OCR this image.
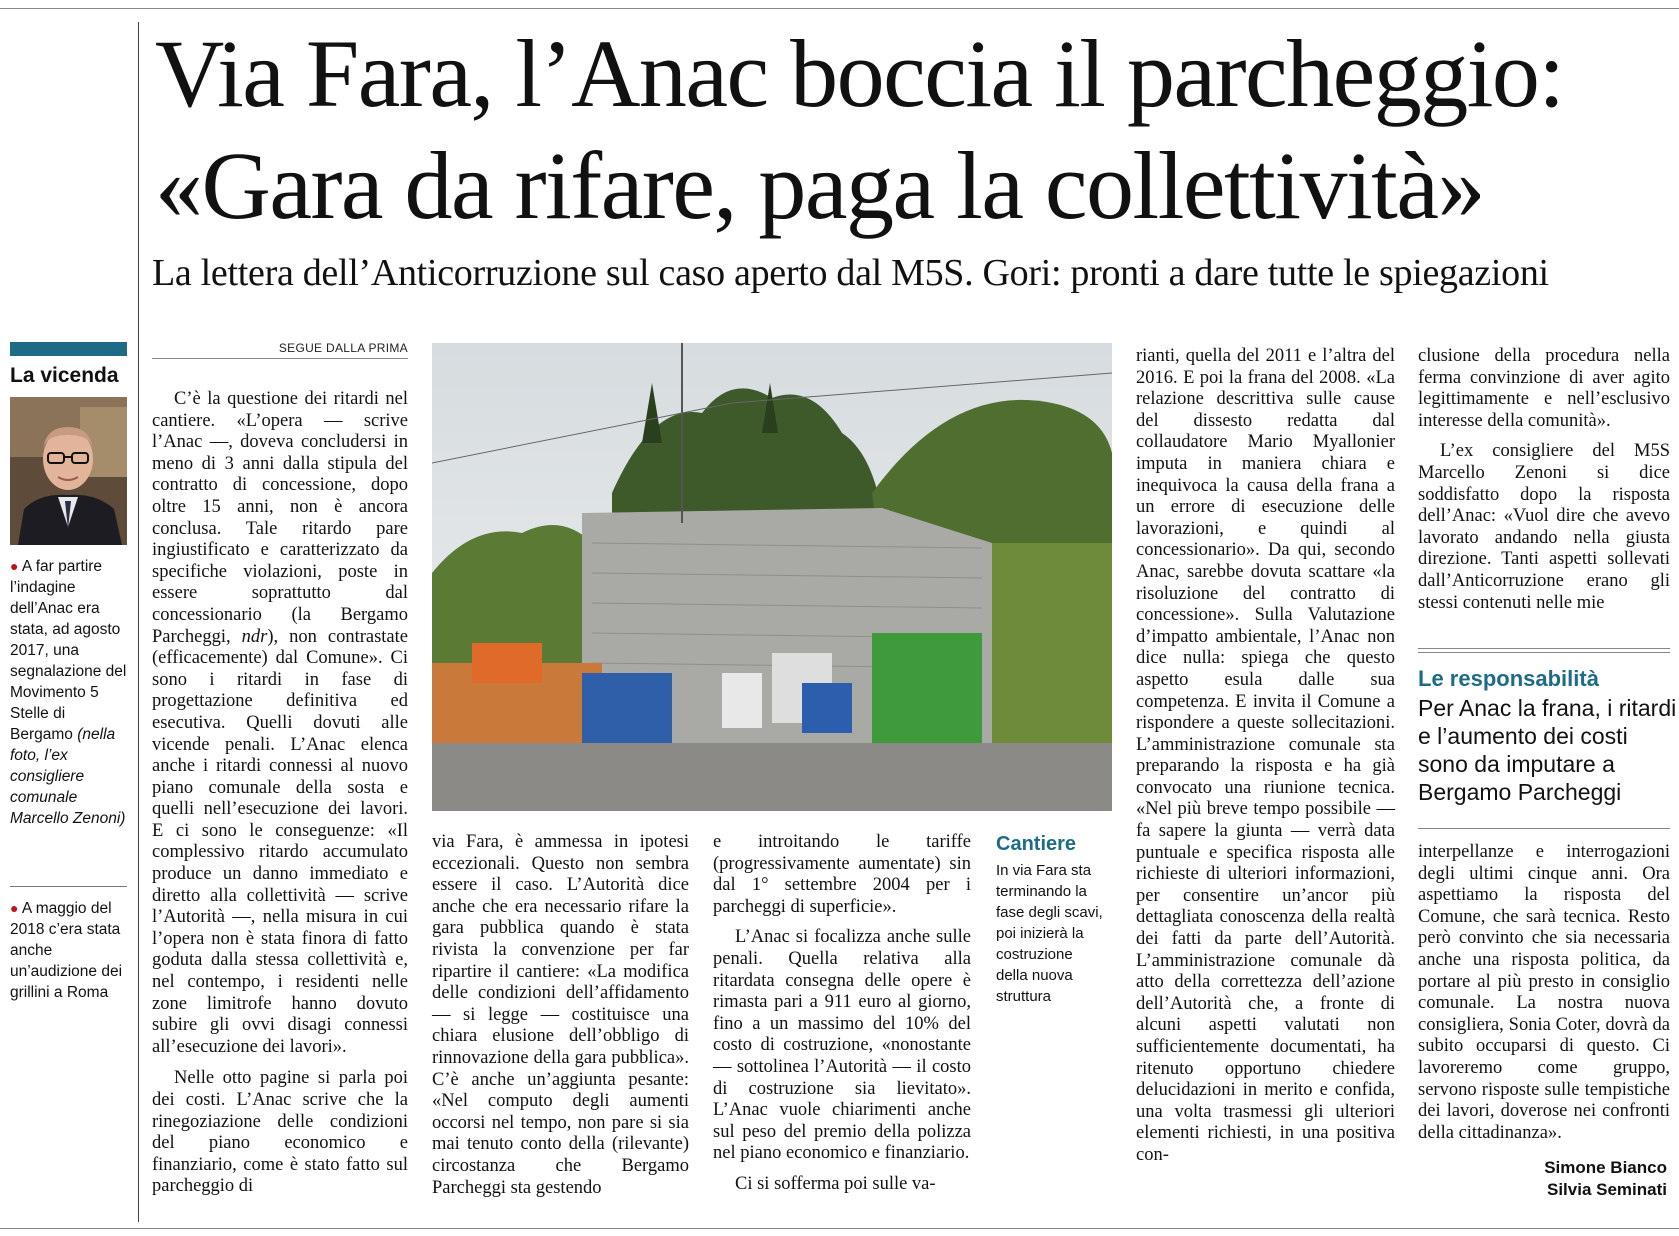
Via Fara, l’Anac boccia il parcheggio:
«Gara da rifare, paga la collettività»
La lettera dell’Anticorruzione sul caso aperto dal M5S. Gori: pronti a dare tutte le spiegazioni
La vicenda
● A far partire l’indagine dell’Anac era stata, ad agosto 2017, una segnalazione del Movimento 5 Stelle di Bergamo (nella foto, l’ex consigliere comunale Marcello Zenoni)
● A maggio del 2018 c’era stata anche un’audizione dei grillini a Roma
SEGUE DALLA PRIMA

C’è la questione dei ritardi nel cantiere. «L’opera — scrive l’Anac —, doveva concludersi in meno di 3 anni dalla stipula del contratto di concessione, dopo oltre 15 anni, non è ancora conclusa. Tale ritardo pare ingiustificato e caratterizzato da specifiche violazioni, poste in essere soprattutto dal concessionario (la Bergamo Parcheggi, ndr), non contrastate (efficacemente) dal Comune». Ci sono i ritardi in fase di progettazione definitiva ed esecutiva. Quelli dovuti alle vicende penali. L’Anac elenca anche i ritardi connessi al nuovo piano comunale della sosta e quelli nell’esecuzione dei lavori. E ci sono le conseguenze: «Il complessivo ritardo accumulato produce un danno immediato e diretto alla collettività — scrive l’Autorità —, nella misura in cui l’opera non è stata finora di fatto goduta dalla stessa collettività e, nel contempo, i residenti nelle zone limitrofe hanno dovuto subire gli ovvi disagi connessi all’esecuzione dei lavori».

Nelle otto pagine si parla poi dei costi. L’Anac scrive che la rinegoziazione delle condizioni del piano economico e finanziario, come è stato fatto sul parcheggio di

via Fara, è ammessa in ipotesi eccezionali. Questo non sembra essere il caso. L’Autorità dice anche che era necessario rifare la gara pubblica quando è stata rivista la convenzione per far ripartire il cantiere: «La modifica delle condizioni dell’affidamento — si legge — costituisce una chiara elusione dell’obbligo di rinnovazione della gara pubblica». C’è anche un’aggiunta pesante: «Nel computo degli aumenti occorsi nel tempo, non pare si sia mai tenuto conto della (rilevante) circostanza che Bergamo Parcheggi sta gestendo

e introitando le tariffe (progressivamente aumentate) sin dal 1° settembre 2004 per i parcheggi di superficie».

L’Anac si focalizza anche sulle penali. Quella relativa alla ritardata consegna delle opere è rimasta pari a 911 euro al giorno, fino a un massimo del 10% del costo di costruzione, «nonostante — sottolinea l’Autorità — il costo di costruzione sia lievitato». L’Anac vuole chiarimenti anche sul peso del premio della polizza nel piano economico e finanziario.

Ci si sofferma poi sulle va-

Cantiere
In via Fara sta terminando la fase degli scavi, poi inizierà la costruzione della nuova struttura

rianti, quella del 2011 e l’altra del 2016. E poi la frana del 2008. «La relazione descrittiva sulle cause del dissesto redatta dal collaudatore Mario Myallonier imputa in maniera chiara e inequivoca la causa della frana a un errore di esecuzione delle lavorazioni, e quindi al concessionario». Da qui, secondo Anac, sarebbe dovuta scattare «la risoluzione del contratto di concessione». Sulla Valutazione d’impatto ambientale, l’Anac non dice nulla: spiega che questo aspetto esula dalle sua competenza. E invita il Comune a rispondere a queste sollecitazioni. L’amministrazione comunale sta preparando la risposta e ha già convocato una riunione tecnica. «Nel più breve tempo possibile — fa sapere la giunta — verrà data puntuale e specifica risposta alle richieste di ulteriori informazioni, per consentire un’ancor più dettagliata conoscenza della realtà dei fatti da parte dell’Autorità. L’amministrazione comunale dà atto della correttezza dell’azione dell’Autorità che, a fronte di alcuni aspetti valutati non sufficientemente documentati, ha ritenuto opportuno chiedere delucidazioni in merito e confida, una volta trasmessi gli ulteriori elementi richiesti, in una positiva con-

clusione della procedura nella ferma convinzione di aver agito legittimamente e nell’esclusivo interesse della comunità».

L’ex consigliere del M5S Marcello Zenoni si dice soddisfatto dopo la risposta dell’Anac: «Vuol dire che avevo lavorato andando nella giusta direzione. Tanti aspetti sollevati dall’Anticorruzione erano gli stessi contenuti nelle mie

Le responsabilità
Per Anac la frana, i ritardi e l’aumento dei costi sono da imputare a Bergamo Parcheggi

interpellanze e interrogazioni degli ultimi cinque anni. Ora aspettiamo la risposta del Comune, che sarà tecnica. Resto però convinto che sia necessaria anche una risposta politica, da portare al più presto in consiglio comunale. La nostra nuova consigliera, Sonia Coter, dovrà da subito occuparsi di questo. Ci lavoreremo come gruppo, servono risposte sulle tempistiche dei lavori, doverose nei confronti della cittadinanza».

Simone Bianco
Silvia Seminati
